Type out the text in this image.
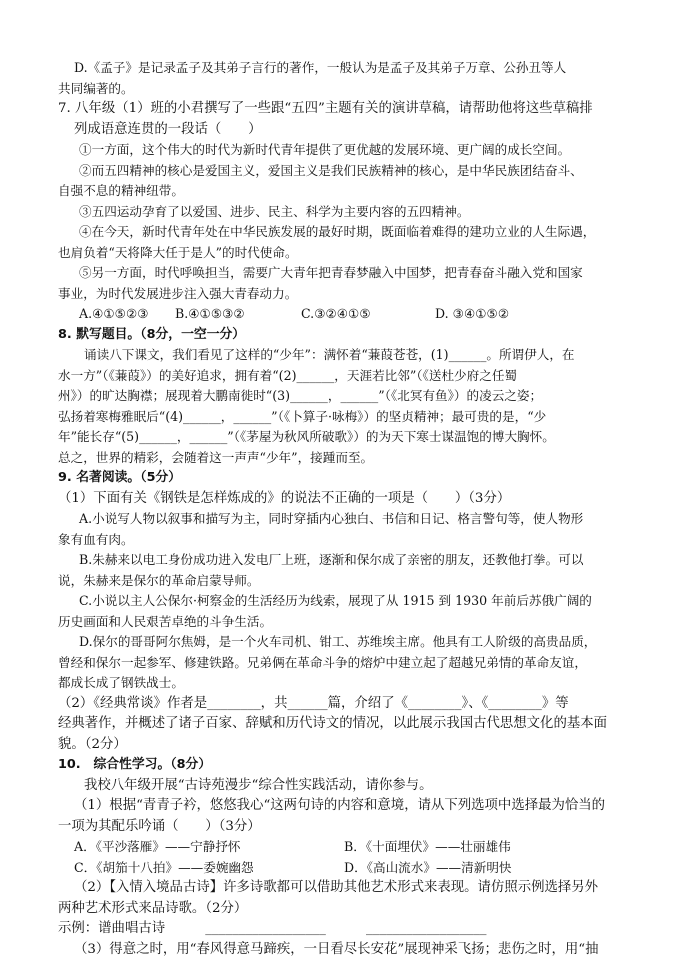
D.《孟子》是记录孟子及其弟子言行的著作，一般认为是孟子及其弟子万章、公孙丑等人
共同编著的。
7. 八年级（1）班的小君撰写了一些跟“五四”主题有关的演讲草稿，请帮助他将这些草稿排
列成语意连贯的一段话（　　）
①一方面，这个伟大的时代为新时代青年提供了更优越的发展环境、更广阔的成长空间。
②而五四精神的核心是爱国主义，爱国主义是我们民族精神的核心，是中华民族团结奋斗、
自强不息的精神纽带。
③五四运动孕育了以爱国、进步、民主、科学为主要内容的五四精神。
④在今天，新时代青年处在中华民族发展的最好时期，既面临着难得的建功立业的人生际遇，
也肩负着“天将降大任于是人”的时代使命。
⑤另一方面，时代呼唤担当，需要广大青年把青春梦融入中国梦，把青春奋斗融入党和国家
事业，为时代发展进步注入强大青春动力。
A.④①⑤②③	B.④①⑤③②	C.③②④①⑤	D. ③④①⑤②
8. 默写题目。（8分，一空一分）
诵读八下课文，我们看见了这样的“少年”：满怀着“蒹葭苍苍，(1)______。所谓伊人，在
水一方”（《蒹葭》）的美好追求，拥有着“(2)______，天涯若比邻”（《送杜少府之任蜀
州》）的旷达胸襟；展现着大鹏南徙时“(3)______，______”（《北冥有鱼》）的凌云之姿；
弘扬着寒梅雅眠后“(4)______，______”（《卜算子·咏梅》）的坚贞精神；最可贵的是，“少
年”能长存“(5)______，______”（《茅屋为秋风所破歌》）的为天下寒士谋温饱的博大胸怀。
总之，世界的精彩，会随着这一声声“少年”，接踵而至。
9. 名著阅读。（5分）
（1）下面有关《钢铁是怎样炼成的》的说法不正确的一项是（　　）（3分）
A.小说写人物以叙事和描写为主，同时穿插内心独白、书信和日记、格言警句等，使人物形
象有血有肉。
B.朱赫来以电工身份成功进入发电厂上班，逐渐和保尔成了亲密的朋友，还教他打拳。可以
说，朱赫来是保尔的革命启蒙导师。
C.小说以主人公保尔·柯察金的生活经历为线索，展现了从 1915 到 1930 年前后苏俄广阔的
历史画面和人民艰苦卓绝的斗争生活。
D.保尔的哥哥阿尔焦姆，是一个火车司机、钳工、苏维埃主席。他具有工人阶级的高贵品质，
曾经和保尔一起参军、修建铁路。兄弟俩在革命斗争的熔炉中建立起了超越兄弟情的革命友谊，
都成长成了钢铁战士。
（2）《经典常谈》作者是________，共______篇，介绍了《________》、《________》等
经典著作，并概述了诸子百家、辞赋和历代诗文的情况，以此展示我国古代思想文化的基本面
貌。（2分）
10.　综合性学习。（8分）
我校八年级开展“古诗苑漫步“综合性实践活动，请你参与。
（1）根据“青青子衿，悠悠我心“这两句诗的内容和意境，请从下列选项中选择最为恰当的
一项为其配乐吟诵（　　）（3分）
A．《平沙落雁》——宁静抒怀	B．《十面埋伏》——壮丽雄伟
C．《胡笳十八拍》——委婉幽怨	D．《高山流水》——清新明快
（2）【入情入境品古诗】许多诗歌都可以借助其他艺术形式来表现。请仿照示例选择另外
两种艺术形式来品诗歌。（2分）
示例：谱曲唱古诗　　　__________________　　　__________________
（3）得意之时，用“春风得意马蹄疾，一日看尽长安花”展现神采飞扬；悲伤之时，用“抽
